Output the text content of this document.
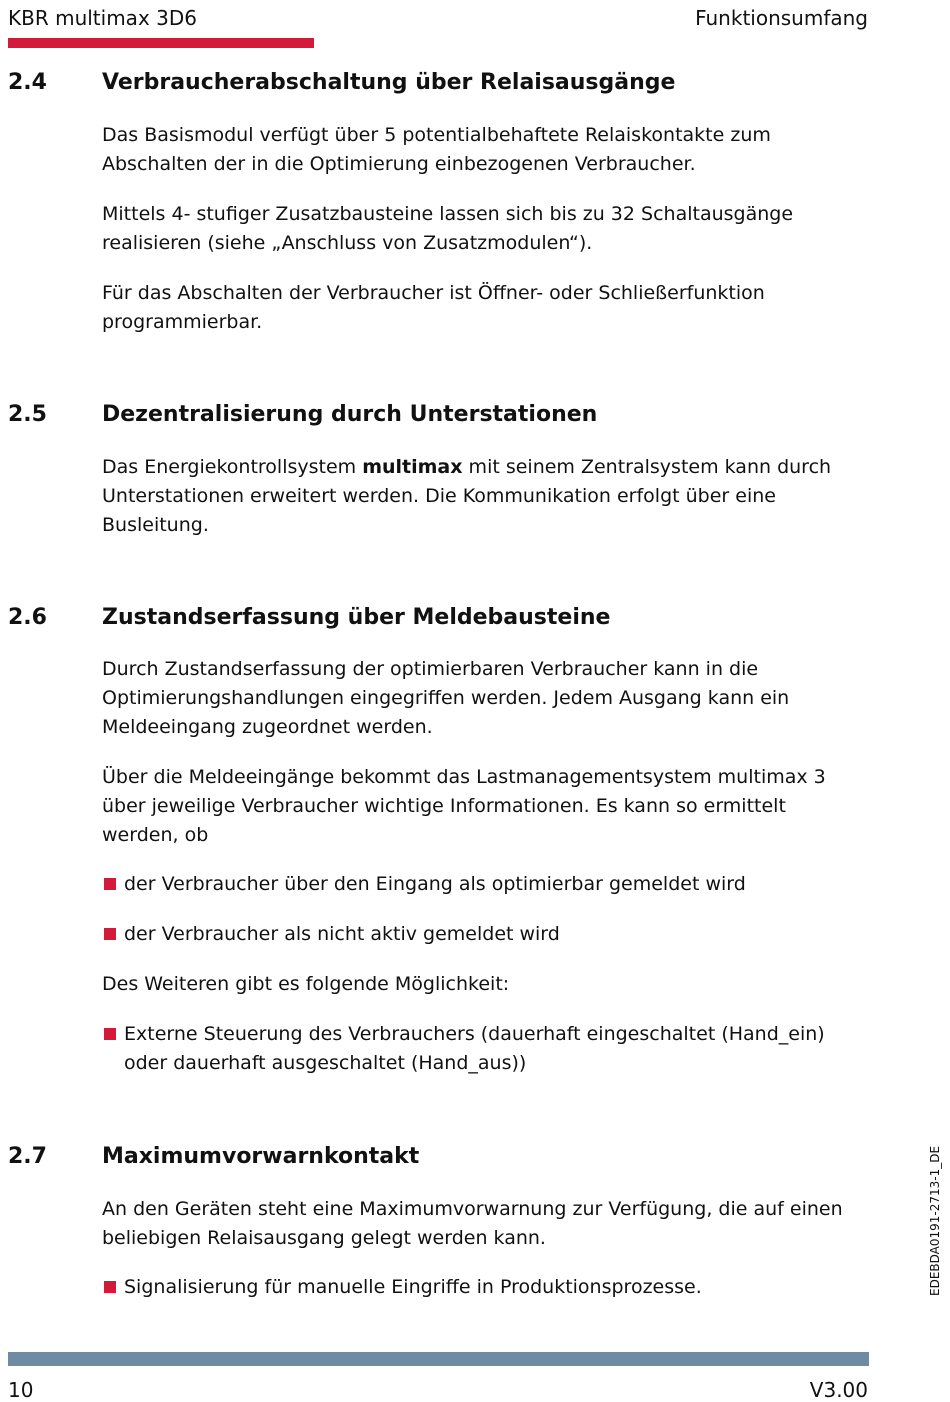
KBR multimax 3D6	Funktionsumfang
2.4	Verbraucherabschaltung über Relaisausgänge

Das Basismodul verfügt über 5 potentialbehaftete Relaiskontakte zum Abschalten der in die Optimierung einbezogenen Verbraucher.

Mittels 4- stufiger Zusatzbausteine lassen sich bis zu 32 Schaltausgänge realisieren (siehe „Anschluss von Zusatzmodulen“).

Für das Abschalten der Verbraucher ist Öffner- oder Schließerfunktion programmierbar.

2.5	Dezentralisierung durch Unterstationen

Das Energiekontrollsystem multimax mit seinem Zentralsystem kann durch Unterstationen erweitert werden. Die Kommunikation erfolgt über eine Busleitung.

2.6	Zustandserfassung über Meldebausteine

Durch Zustandserfassung der optimierbaren Verbraucher kann in die Optimierungshandlungen eingegriffen werden. Jedem Ausgang kann ein Meldeeingang zugeordnet werden.

Über die Meldeeingänge bekommt das Lastmanagementsystem multimax 3 über jeweilige Verbraucher wichtige Informationen. Es kann so ermittelt werden, ob

der Verbraucher über den Eingang als optimierbar gemeldet wird
der Verbraucher als nicht aktiv gemeldet wird

Des Weiteren gibt es folgende Möglichkeit:

Externe Steuerung des Verbrauchers (dauerhaft eingeschaltet (Hand_ein) oder dauerhaft ausgeschaltet (Hand_aus))
2.7	Maximumvorwarnkontakt

An den Geräten steht eine Maximumvorwarnung zur Verfügung, die auf einen beliebigen Relaisausgang gelegt werden kann.

Signalisierung für manuelle Eingriffe in Produktionsprozesse.	EDEBDA0191-2713-1_DE
10	V3.00
